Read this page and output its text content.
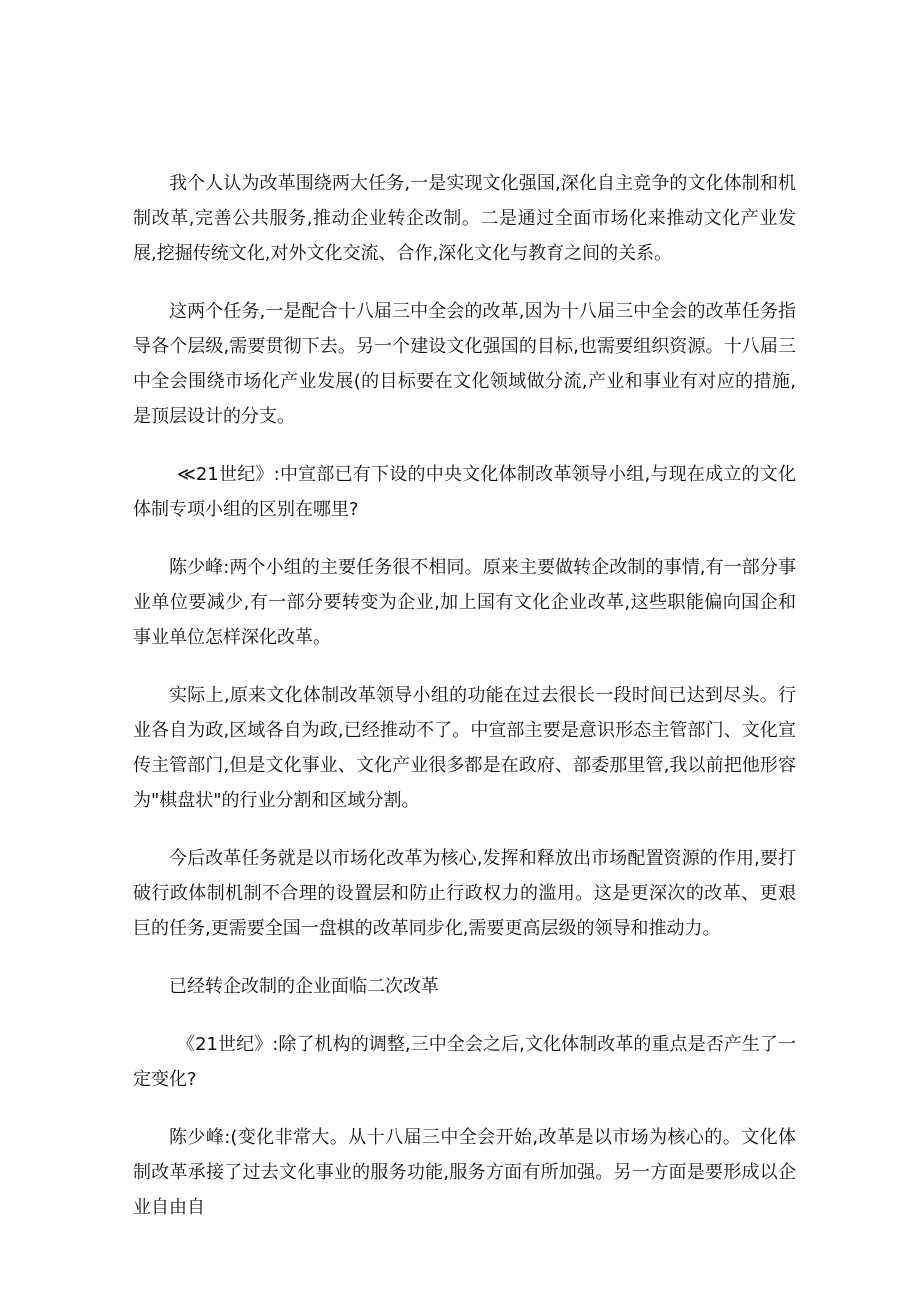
我个人认为改革围绕两大任务,一是实现文化强国,深化自主竞争的文化体制和机制改革,完善公共服务,推动企业转企改制。二是通过全面市场化来推动文化产业发展,挖掘传统文化,对外文化交流、合作,深化文化与教育之间的关系。

这两个任务,一是配合十八届三中全会的改革,因为十八届三中全会的改革任务指导各个层级,需要贯彻下去。另一个建设文化强国的目标,也需要组织资源。十八届三中全会围绕市场化产业发展(的目标要在文化领域做分流,产业和事业有对应的措施,是顶层设计的分支。

≪21世纪》:中宣部已有下设的中央文化体制改革领导小组,与现在成立的文化体制专项小组的区别在哪里?

陈少峰:两个小组的主要任务很不相同。原来主要做转企改制的事情,有一部分事业单位要减少,有一部分要转变为企业,加上国有文化企业改革,这些职能偏向国企和事业单位怎样深化改革。

实际上,原来文化体制改革领导小组的功能在过去很长一段时间已达到尽头。行业各自为政,区域各自为政,已经推动不了。中宣部主要是意识形态主管部门、文化宣传主管部门,但是文化事业、文化产业很多都是在政府、部委那里管,我以前把他形容为"棋盘状"的行业分割和区域分割。

今后改革任务就是以市场化改革为核心,发挥和释放出市场配置资源的作用,要打破行政体制机制不合理的设置层和防止行政权力的滥用。这是更深次的改革、更艰巨的任务,更需要全国一盘棋的改革同步化,需要更高层级的领导和推动力。

已经转企改制的企业面临二次改革

《21世纪》:除了机构的调整,三中全会之后,文化体制改革的重点是否产生了一定变化?

陈少峰:(变化非常大。从十八届三中全会开始,改革是以市场为核心的。文化体制改革承接了过去文化事业的服务功能,服务方面有所加强。另一方面是要形成以企业自由自
